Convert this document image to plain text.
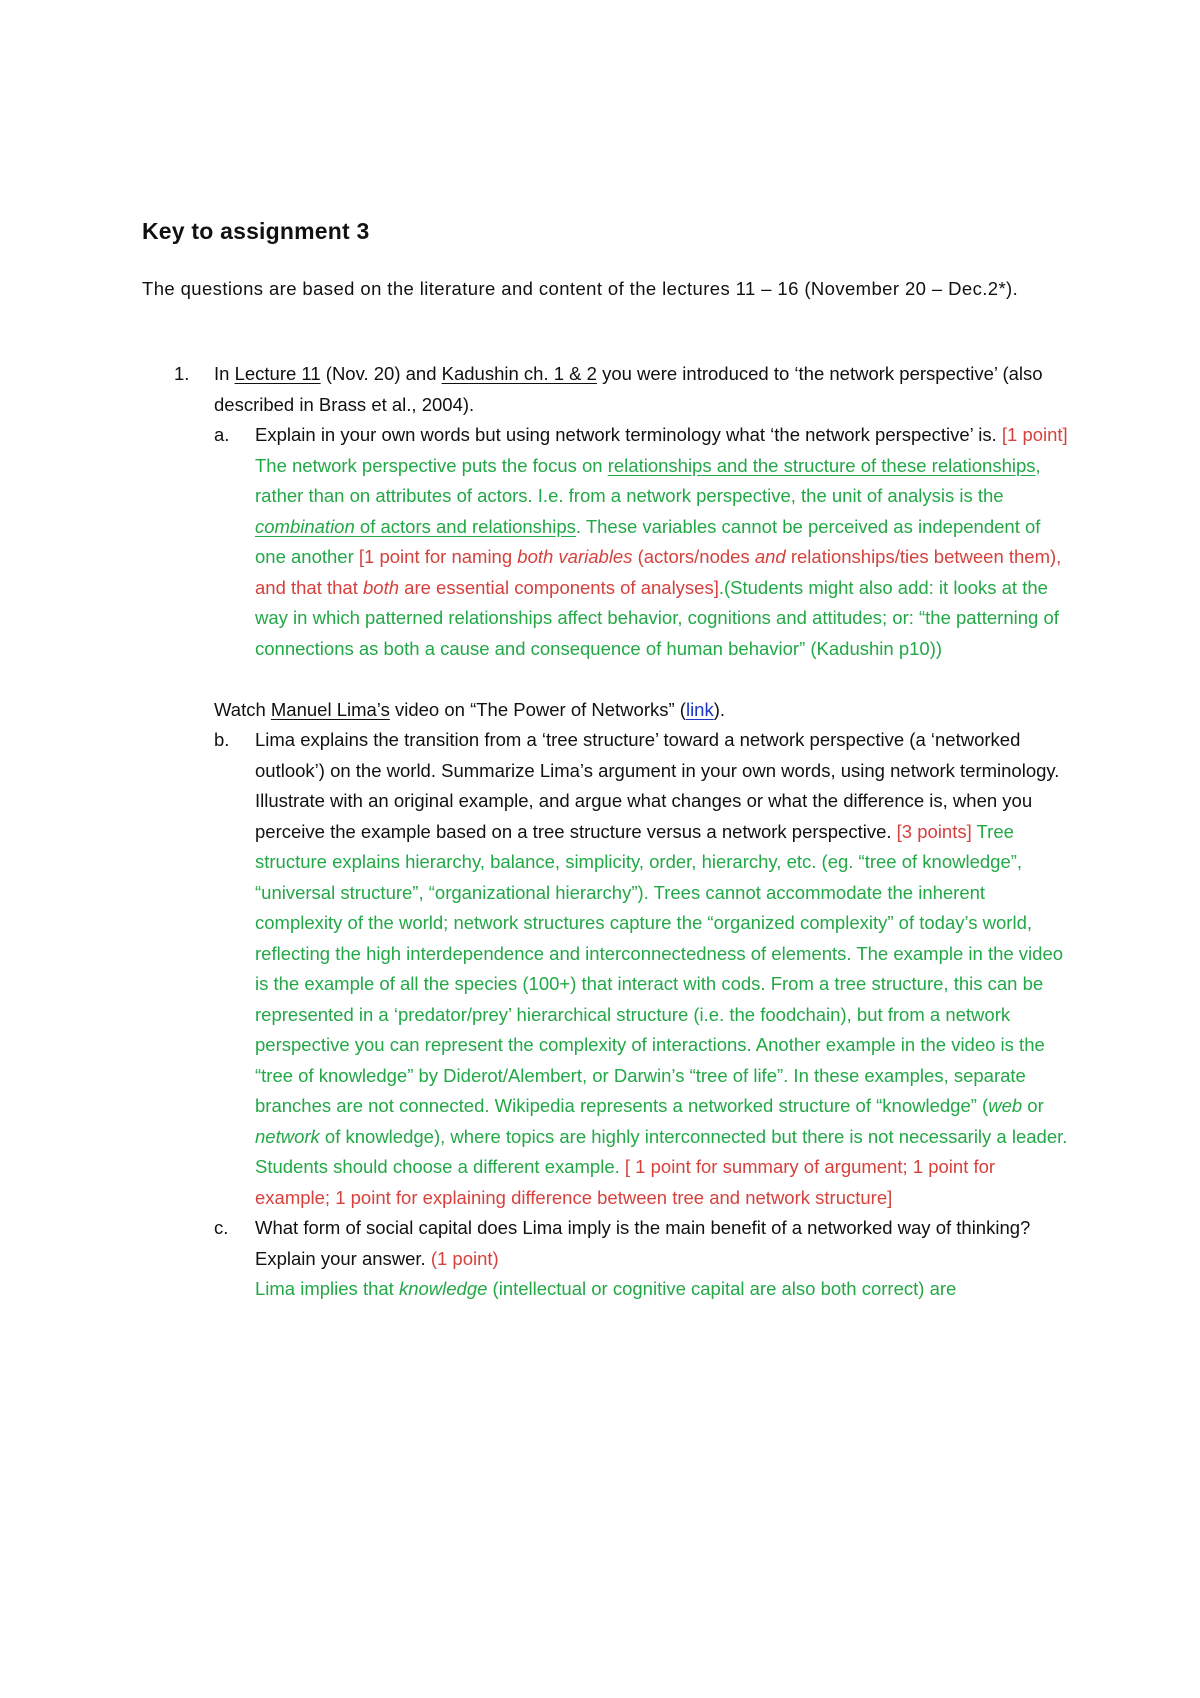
Key to assignment 3
The questions are based on the literature and content of the lectures 11 – 16 (November 20 – Dec.2*).
1. In Lecture 11 (Nov. 20) and Kadushin ch. 1 & 2 you were introduced to ‘the network perspective’ (also described in Brass et al., 2004).
a. Explain in your own words but using network terminology what ‘the network perspective’ is. [1 point]
The network perspective puts the focus on relationships and the structure of these relationships, rather than on attributes of actors. I.e. from a network perspective, the unit of analysis is the combination of actors and relationships. These variables cannot be perceived as independent of one another [1 point for naming both variables (actors/nodes and relationships/ties between them), and that that both are essential components of analyses].(Students might also add: it looks at the way in which patterned relationships affect behavior, cognitions and attitudes; or: “the patterning of connections as both a cause and consequence of human behavior” (Kadushin p10))
Watch Manuel Lima’s video on “The Power of Networks” (link).
b. Lima explains the transition from a ‘tree structure’ toward a network perspective (a ‘networked outlook’) on the world. Summarize Lima’s argument in your own words, using network terminology. Illustrate with an original example, and argue what changes or what the difference is, when you perceive the example based on a tree structure versus a network perspective. [3 points] Tree structure explains hierarchy, balance, simplicity, order, hierarchy, etc. (eg. “tree of knowledge”, “universal structure”, “organizational hierarchy”). Trees cannot accommodate the inherent complexity of the world; network structures capture the “organized complexity” of today’s world, reflecting the high interdependence and interconnectedness of elements. The example in the video is the example of all the species (100+) that interact with cods. From a tree structure, this can be represented in a ‘predator/prey’ hierarchical structure (i.e. the foodchain), but from a network perspective you can represent the complexity of interactions. Another example in the video is the “tree of knowledge” by Diderot/Alembert, or Darwin’s “tree of life”. In these examples, separate branches are not connected. Wikipedia represents a networked structure of “knowledge” (web or network of knowledge), where topics are highly interconnected but there is not necessarily a leader. Students should choose a different example. [ 1 point for summary of argument; 1 point for example; 1 point for explaining difference between tree and network structure]
c. What form of social capital does Lima imply is the main benefit of a networked way of thinking? Explain your answer. (1 point)
Lima implies that knowledge (intellectual or cognitive capital are also both correct) are
